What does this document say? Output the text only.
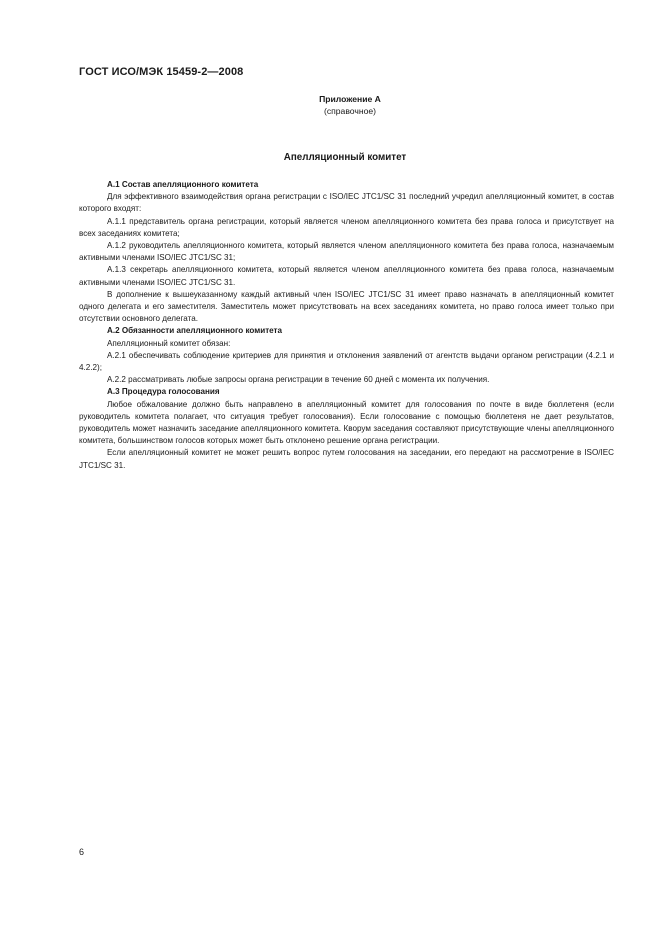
ГОСТ ИСО/МЭК 15459-2—2008
Приложение А
(справочное)
Апелляционный комитет

А.1 Состав апелляционного комитета

Для эффективного взаимодействия органа регистрации с ISO/IEC JTC1/SC 31 последний учредил апелляционный комитет, в состав которого входят:

А.1.1 представитель органа регистрации, который является членом апелляционного комитета без права голоса и присутствует на всех заседаниях комитета;

А.1.2 руководитель апелляционного комитета, который является членом апелляционного комитета без права голоса, назначаемым активными членами ISO/IEC JTC1/SC 31;

А.1.3 секретарь апелляционного комитета, который является членом апелляционного комитета без права голоса, назначаемым активными членами ISO/IEC JTC1/SC 31.

В дополнение к вышеуказанному каждый активный член ISO/IEC JTC1/SC 31 имеет право назначать в апелляционный комитет одного делегата и его заместителя. Заместитель может присутствовать на всех заседаниях комитета, но право голоса имеет только при отсутствии основного делегата.

А.2 Обязанности апелляционного комитета

Апелляционный комитет обязан:

А.2.1 обеспечивать соблюдение критериев для принятия и отклонения заявлений от агентств выдачи органом регистрации (4.2.1 и 4.2.2);

А.2.2 рассматривать любые запросы органа регистрации в течение 60 дней с момента их получения.

А.3 Процедура голосования

Любое обжалование должно быть направлено в апелляционный комитет для голосования по почте в виде бюллетеня (если руководитель комитета полагает, что ситуация требует голосования). Если голосование с помощью бюллетеня не дает результатов, руководитель может назначить заседание апелляционного комитета. Кворум заседания составляют присутствующие члены апелляционного комитета, большинством голосов которых может быть отклонено решение органа регистрации.

Если апелляционный комитет не может решить вопрос путем голосования на заседании, его передают на рассмотрение в ISO/IEC JTC1/SC 31.

6
